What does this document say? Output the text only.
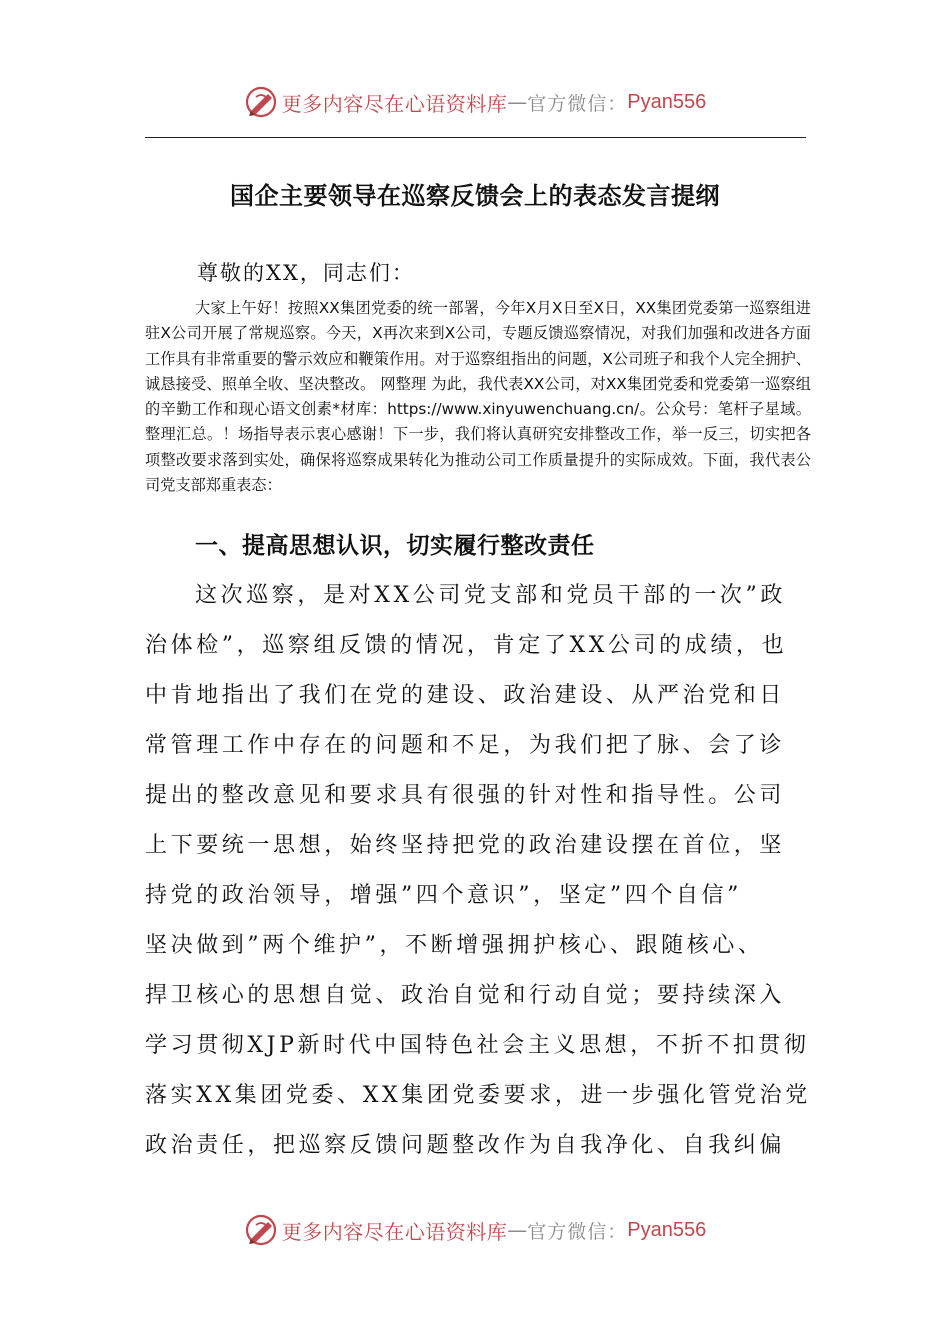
更多内容尽在心语资料库 — 官方微信： Pyan556
国企主要领导在巡察反馈会上的表态发言提纲

尊敬的XX，同志们：

大家上午好！按照XX集团党委的统一部署，今年X月X日至X日，XX集团党委第一巡察组进驻X公司开展了常规巡察。今天，X再次来到X公司，专题反馈巡察情况，对我们加强和改进各方面工作具有非常重要的警示效应和鞭策作用。对于巡察组指出的问题，X公司班子和我个人完全拥护、诚恳接受、照单全收、坚决整改。 网整理 为此，我代表XX公司，对XX集团党委和党委第一巡察组的辛勤工作和现心语文创素*材库：https://www.xinyuwenchuang.cn/。公众号：笔杆子星域。整理汇总。！场指导表示衷心感谢！下一步，我们将认真研究安排整改工作，举一反三，切实把各项整改要求落到实处，确保将巡察成果转化为推动公司工作质量提升的实际成效。下面，我代表公司党支部郑重表态：

一、提高思想认识，切实履行整改责任
这次巡察，是对XX公司党支部和党员干部的一次”政
治体检”，巡察组反馈的情况，肯定了XX公司的成绩，也
中肯地指出了我们在党的建设、政治建设、从严治党和日
常管理工作中存在的问题和不足，为我们把了脉、会了诊
提出的整改意见和要求具有很强的针对性和指导性。公司
上下要统一思想，始终坚持把党的政治建设摆在首位，坚
持党的政治领导，增强”四个意识”，坚定”四个自信”
坚决做到”两个维护”，不断增强拥护核心、跟随核心、
捍卫核心的思想自觉、政治自觉和行动自觉；要持续深入
学习贯彻XJP新时代中国特色社会主义思想，不折不扣贯彻
落实XX集团党委、XX集团党委要求，进一步强化管党治党
政治责任，把巡察反馈问题整改作为自我净化、自我纠偏
更多内容尽在心语资料库 — 官方微信： Pyan556
